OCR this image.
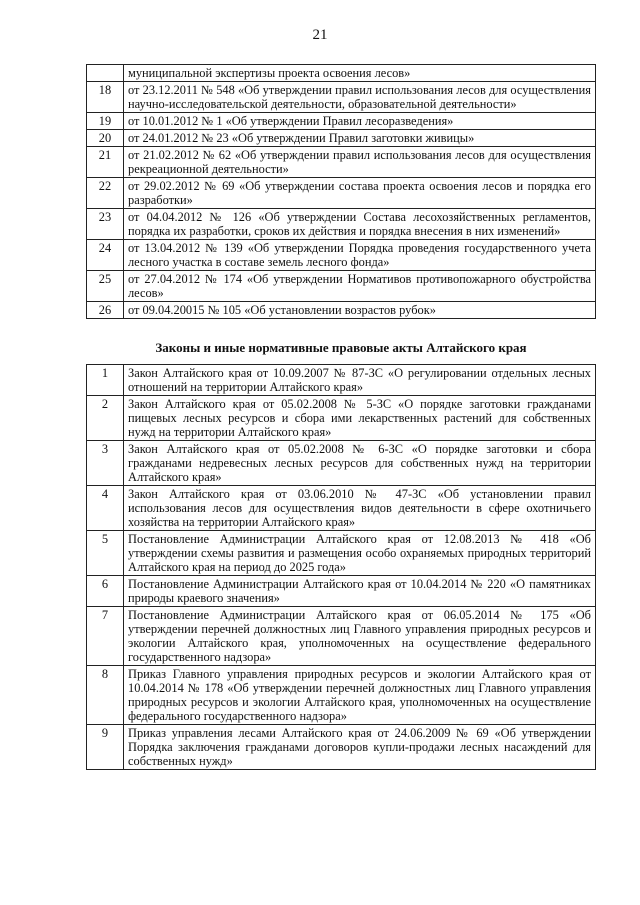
21
	муниципальной экспертизы проекта освоения лесов»
18	от 23.12.2011 № 548 «Об утверждении правил использования лесов для осуществления научно-исследовательской деятельности, образовательной деятельности»
19	от 10.01.2012 № 1 «Об утверждении Правил лесоразведения»
20	от 24.01.2012 № 23 «Об утверждении Правил заготовки живицы»
21	от 21.02.2012 № 62 «Об утверждении правил использования лесов для осуществления рекреационной деятельности»
22	от 29.02.2012 № 69 «Об утверждении состава проекта освоения лесов и порядка его разработки»
23	от 04.04.2012 № 126 «Об утверждении Состава лесохозяйственных регламентов, порядка их разработки, сроков их действия и порядка внесения в них изменений»
24	от 13.04.2012 № 139 «Об утверждении Порядка проведения государственного учета лесного участка в составе земель лесного фонда»
25	от 27.04.2012 № 174 «Об утверждении Нормативов противопожарного обустройства лесов»
26	от 09.04.20015 № 105 «Об установлении возрастов рубок»
Законы и иные нормативные правовые акты Алтайского края
1	Закон Алтайского края от 10.09.2007 № 87-ЗС «О регулировании отдельных лесных отношений на территории Алтайского края»
2	Закон Алтайского края от 05.02.2008 № 5-ЗС «О порядке заготовки гражданами пищевых лесных ресурсов и сбора ими лекарственных растений для собственных нужд на территории Алтайского края»
3	Закон Алтайского края от 05.02.2008 № 6-ЗС «О порядке заготовки и сбора гражданами недревесных лесных ресурсов для собственных нужд на территории Алтайского края»
4	Закон Алтайского края от 03.06.2010 № 47-ЗС «Об установлении правил использования лесов для осуществления видов деятельности в сфере охотничьего хозяйства на территории Алтайского края»
5	Постановление Администрации Алтайского края от 12.08.2013 № 418 «Об утверждении схемы развития и размещения особо охраняемых природных территорий Алтайского края на период до 2025 года»
6	Постановление Администрации Алтайского края от 10.04.2014 № 220 «О памятниках природы краевого значения»
7	Постановление Администрации Алтайского края от 06.05.2014 № 175 «Об утверждении перечней должностных лиц Главного управления природных ресурсов и экологии Алтайского края, уполномоченных на осуществление федерального государственного надзора»
8	Приказ Главного управления природных ресурсов и экологии Алтайского края от 10.04.2014 № 178 «Об утверждении перечней должностных лиц Главного управления природных ресурсов и экологии Алтайского края, уполномоченных на осуществление федерального государственного надзора»
9	Приказ управления лесами Алтайского края от 24.06.2009 № 69 «Об утверждении Порядка заключения гражданами договоров купли-продажи лесных насаждений для собственных нужд»
